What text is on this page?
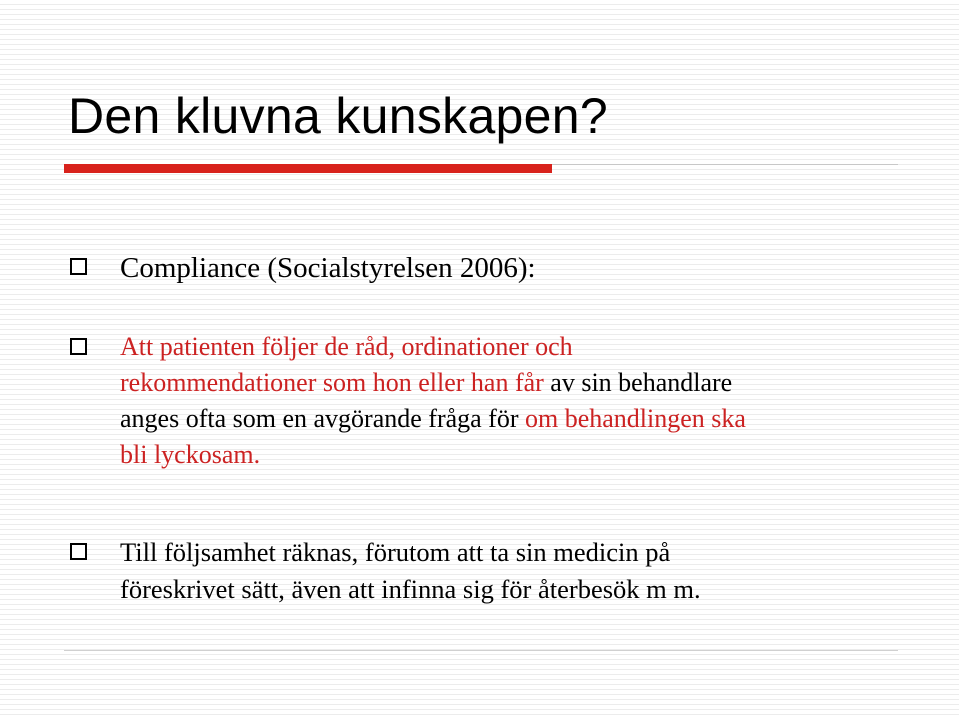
Den kluvna kunskapen?

Compliance (Socialstyrelsen 2006):

Att patienten följer de råd, ordinationer och
rekommendationer som hon eller han får av sin behandlare
anges ofta som en avgörande fråga för om behandlingen ska
bli lyckosam.

Till följsamhet räknas, förutom att ta sin medicin på
föreskrivet sätt, även att infinna sig för återbesök m m.
